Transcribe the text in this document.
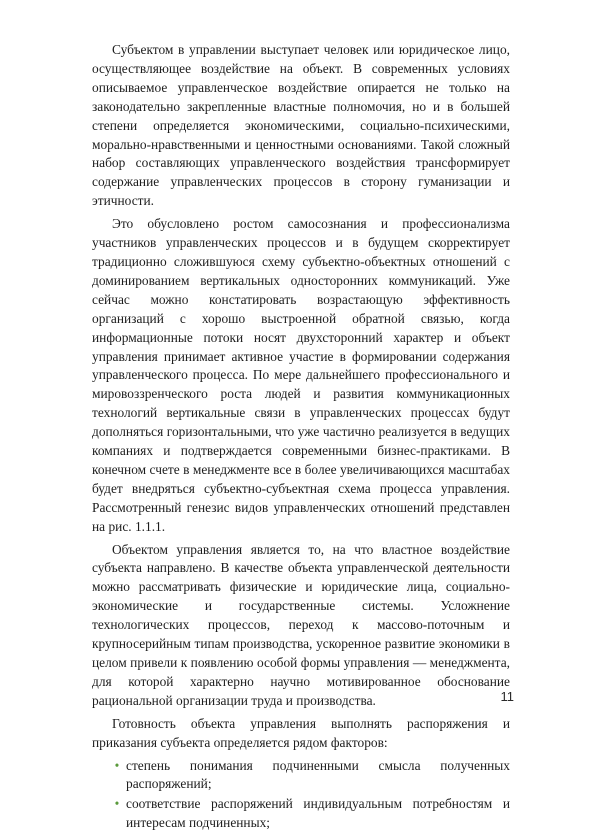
Субъектом в управлении выступает человек или юридическое лицо, осуществляющее воздействие на объект. В современных условиях описываемое управленческое воздействие опирается не только на законодательно закрепленные властные полномочия, но и в большей степени определяется экономическими, социально-психическими, морально-нравственными и ценностными основаниями. Такой сложный набор составляющих управленческого воздействия трансформирует содержание управленческих процессов в сторону гуманизации и этичности.

Это обусловлено ростом самосознания и профессионализма участников управленческих процессов и в будущем скорректирует традиционно сложившуюся схему субъектно-объектных отношений с доминированием вертикальных односторонних коммуникаций. Уже сейчас можно констатировать возрастающую эффективность организаций с хорошо выстроенной обратной связью, когда информационные потоки носят двухсторонний характер и объект управления принимает активное участие в формировании содержания управленческого процесса. По мере дальнейшего профессионального и мировоззренческого роста людей и развития коммуникационных технологий вертикальные связи в управленческих процессах будут дополняться горизонтальными, что уже частично реализуется в ведущих компаниях и подтверждается современными бизнес-практиками. В конечном счете в менеджменте все в более увеличивающихся масштабах будет внедряться субъектно-субъектная схема процесса управления. Рассмотренный генезис видов управленческих отношений представлен на рис. 1.1.1.

Объектом управления является то, на что властное воздействие субъекта направлено. В качестве объекта управленческой деятельности можно рассматривать физические и юридические лица, социально-экономические и государственные системы. Усложнение технологических процессов, переход к массово-поточным и крупносерийным типам производства, ускоренное развитие экономики в целом привели к появлению особой формы управления — менеджмента, для которой характерно научно мотивированное обоснование рациональной организации труда и производства.

Готовность объекта управления выполнять распоряжения и приказания субъекта определяется рядом факторов:

• степень понимания подчиненными смысла полученных распоряжений;
• соответствие распоряжений индивидуальным потребностям и интересам подчиненных;
11
